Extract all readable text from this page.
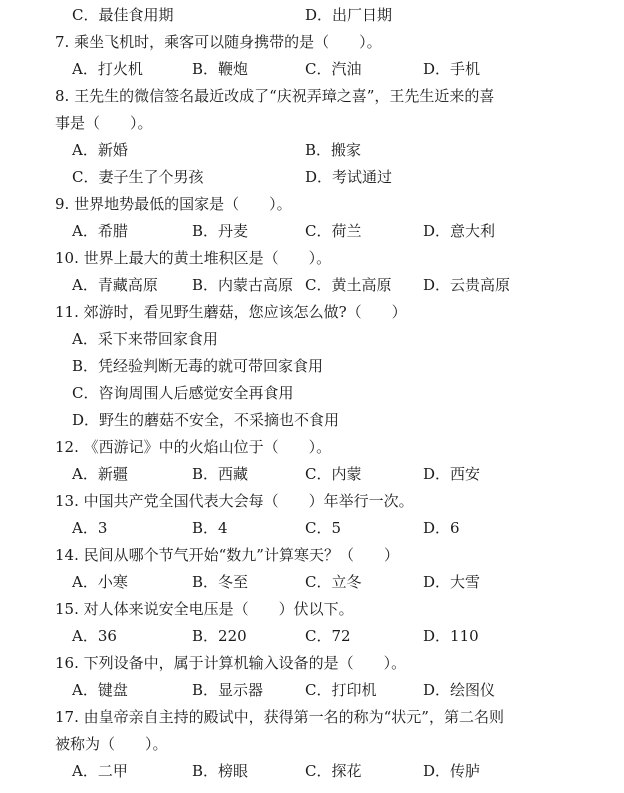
C．最佳食用期	D．出厂日期
7. 乘坐飞机时，乘客可以随身携带的是（　　）。
A．打火机	B．鞭炮	C．汽油	D．手机
8. 王先生的微信签名最近改成了“庆祝弄璋之喜”，王先生近来的喜
事是（　　）。
A．新婚	B．搬家
C．妻子生了个男孩	D．考试通过
9. 世界地势最低的国家是（　　）。
A．希腊	B．丹麦	C．荷兰	D．意大利
10. 世界上最大的黄土堆积区是（　　）。
A．青藏高原 B．内蒙古高原 C．黄土高原 D．云贵高原
11. 郊游时，看见野生蘑菇，您应该怎么做?（　　）
A．采下来带回家食用
B．凭经验判断无毒的就可带回家食用
C．咨询周围人后感觉安全再食用
D．野生的蘑菇不安全，不采摘也不食用
12. 《西游记》中的火焰山位于（　　）。
A．新疆	B．西藏	C．内蒙	D．西安
13. 中国共产党全国代表大会每（　　）年举行一次。
A．3	B．4	C．5	D．6
14. 民间从哪个节气开始“数九”计算寒天？（　　）
A．小寒	B．冬至	C．立冬	D．大雪
15. 对人体来说安全电压是（　　）伏以下。
A．36	B．220	C．72	D．110
16. 下列设备中，属于计算机输入设备的是（　　）。
A．键盘	B．显示器	C．打印机	D．绘图仪
17. 由皇帝亲自主持的殿试中，获得第一名的称为“状元”，第二名则
被称为（　　）。
A．二甲	B．榜眼	C．探花	D．传胪
